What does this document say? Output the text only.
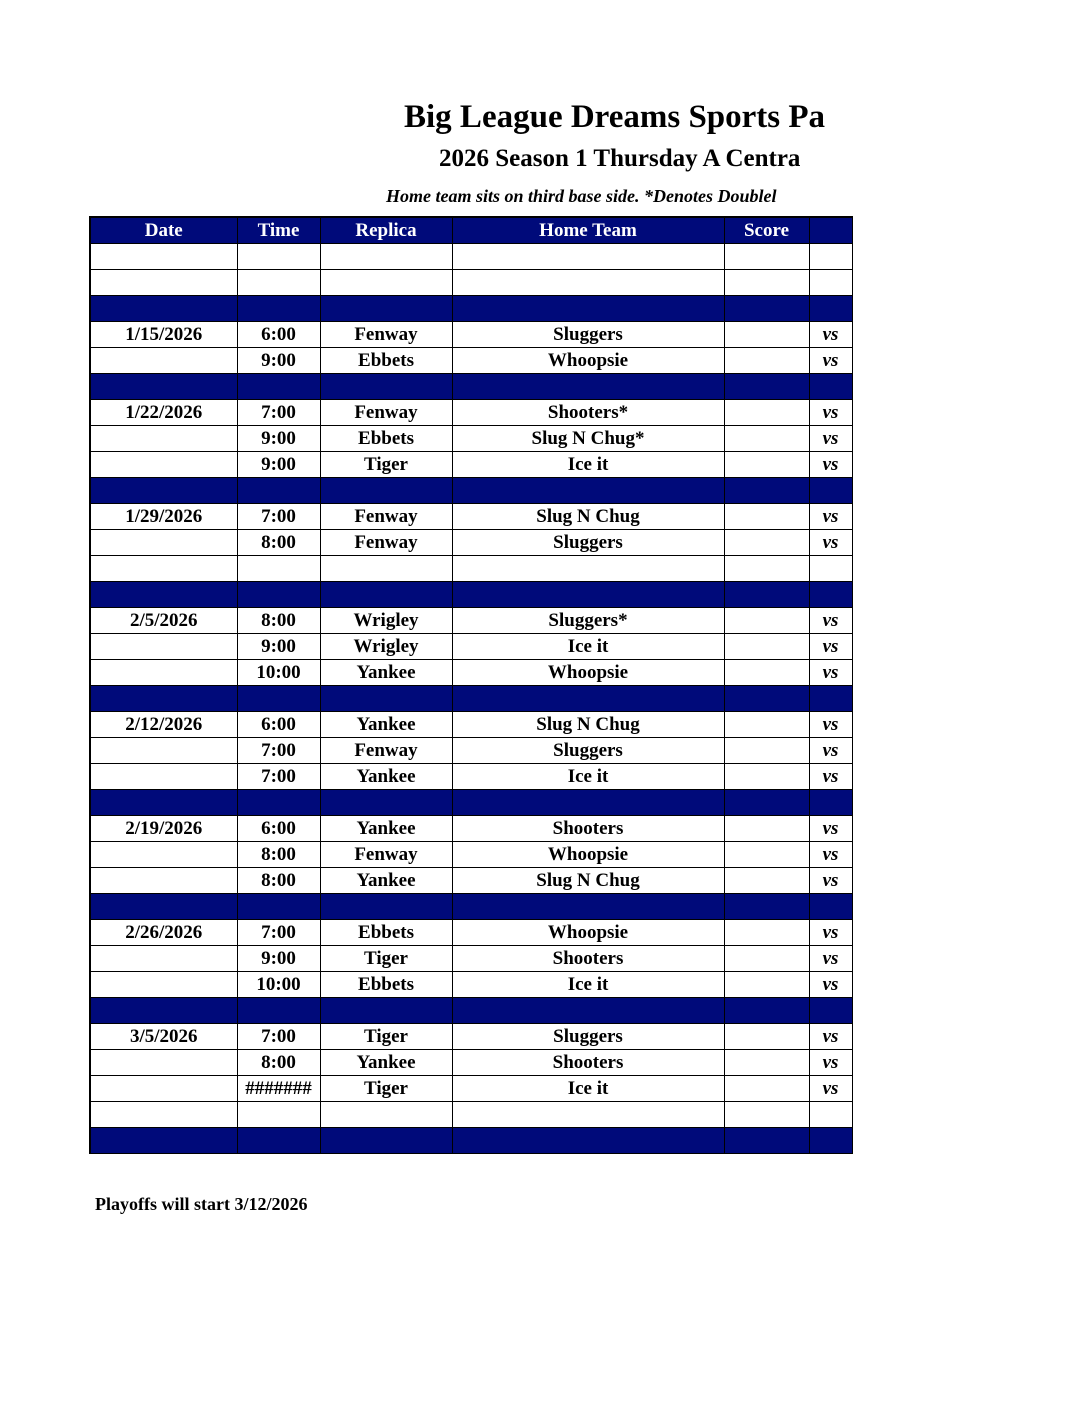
Big League Dreams Sports Pa
2026 Season 1 Thursday A Centra
Home team sits on third base side. *Denotes Doublel
Date	Time	Replica	Home Team	Score	

1/15/2026	6:00	Fenway	Sluggers		vs
	9:00	Ebbets	Whoopsie		vs

1/22/2026	7:00	Fenway	Shooters*		vs
	9:00	Ebbets	Slug N Chug*		vs
	9:00	Tiger	Ice it		vs

1/29/2026	7:00	Fenway	Slug N Chug		vs
	8:00	Fenway	Sluggers		vs

2/5/2026	8:00	Wrigley	Sluggers*		vs
	9:00	Wrigley	Ice it		vs
	10:00	Yankee	Whoopsie		vs

2/12/2026	6:00	Yankee	Slug N Chug		vs
	7:00	Fenway	Sluggers		vs
	7:00	Yankee	Ice it		vs

2/19/2026	6:00	Yankee	Shooters		vs
	8:00	Fenway	Whoopsie		vs
	8:00	Yankee	Slug N Chug		vs

2/26/2026	7:00	Ebbets	Whoopsie		vs
	9:00	Tiger	Shooters		vs
	10:00	Ebbets	Ice it		vs

3/5/2026	7:00	Tiger	Sluggers		vs
	8:00	Yankee	Shooters		vs
	#######	Tiger	Ice it		vs

Playoffs will start 3/12/2026
